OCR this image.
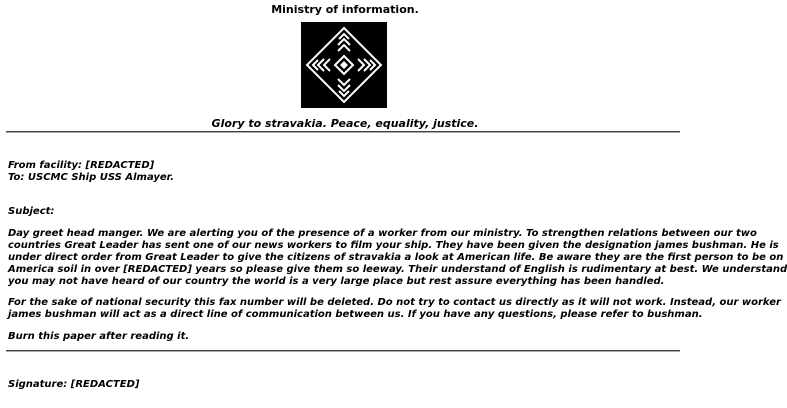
Ministry of information.
Glory to stravakia. Peace, equality, justice.
From facility: [REDACTED]
To: USCMC Ship USS Almayer.
Subject:
Day greet head manger. We are alerting you of the presence of a worker from our ministry. To strengthen relations between our two
countries Great Leader has sent one of our news workers to film your ship. They have been given the designation james bushman. He is
under direct order from Great Leader to give the citizens of stravakia a look at American life. Be aware they are the first person to be on
America soil in over [REDACTED] years so please give them so leeway. Their understand of English is rudimentary at best. We understand
you may not have heard of our country the world is a very large place but rest assure everything has been handled.
For the sake of national security this fax number will be deleted. Do not try to contact us directly as it will not work. Instead, our worker
james bushman will act as a direct line of communication between us. If you have any questions, please refer to bushman.
Burn this paper after reading it.
Signature: [REDACTED]
